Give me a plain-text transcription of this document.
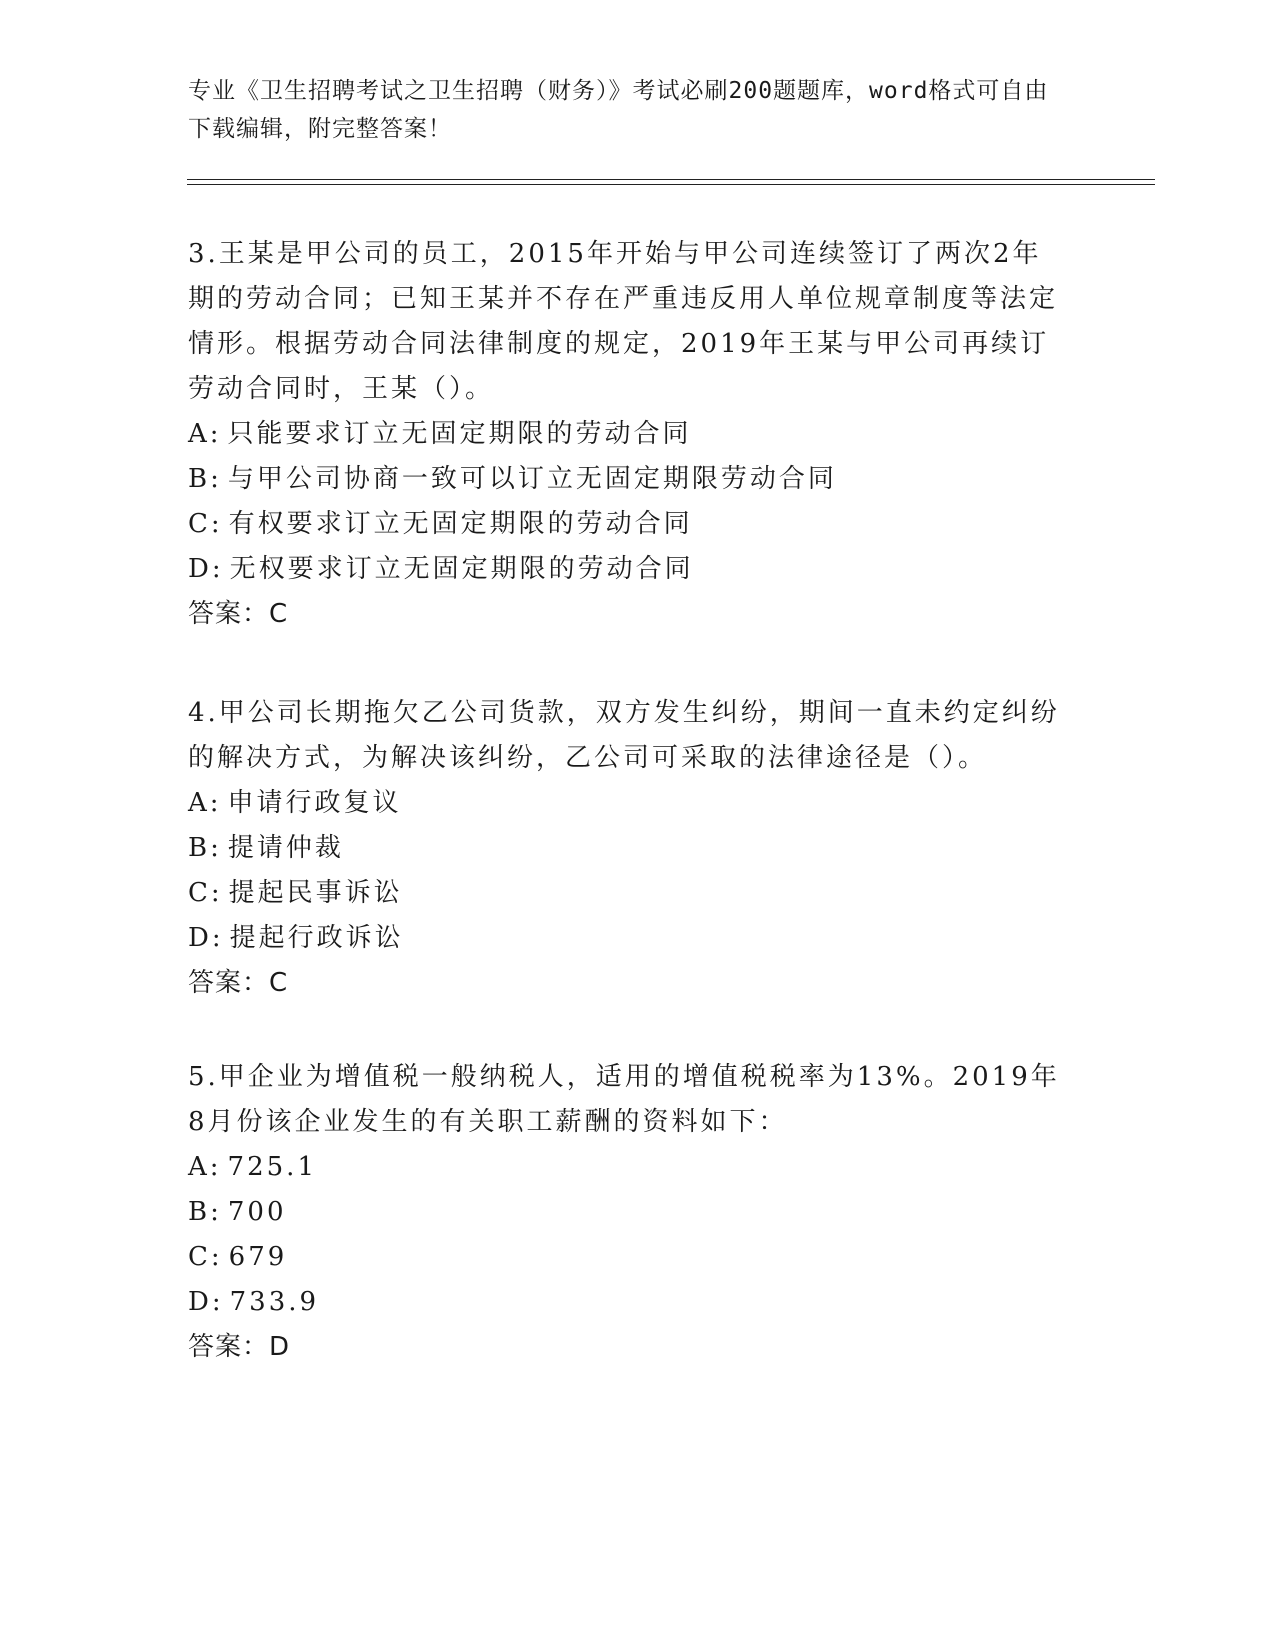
专业《卫生招聘考试之卫生招聘（财务）》考试必刷200题题库，word格式可自由下载编辑，附完整答案！

3.王某是甲公司的员工，2015年开始与甲公司连续签订了两次2年期的劳动合同；已知王某并不存在严重违反用人单位规章制度等法定情形。根据劳动合同法律制度的规定，2019年王某与甲公司再续订劳动合同时，王某（）。

A: 只能要求订立无固定期限的劳动合同

B: 与甲公司协商一致可以订立无固定期限劳动合同

C: 有权要求订立无固定期限的劳动合同

D: 无权要求订立无固定期限的劳动合同

答案：C

4.甲公司长期拖欠乙公司货款，双方发生纠纷，期间一直未约定纠纷的解决方式，为解决该纠纷，乙公司可采取的法律途径是（）。

A: 申请行政复议

B: 提请仲裁

C: 提起民事诉讼

D: 提起行政诉讼

答案：C

5.甲企业为增值税一般纳税人，适用的增值税税率为13%。2019年8月份该企业发生的有关职工薪酬的资料如下：

A: 725.1

B: 700

C: 679

D: 733.9

答案：D
